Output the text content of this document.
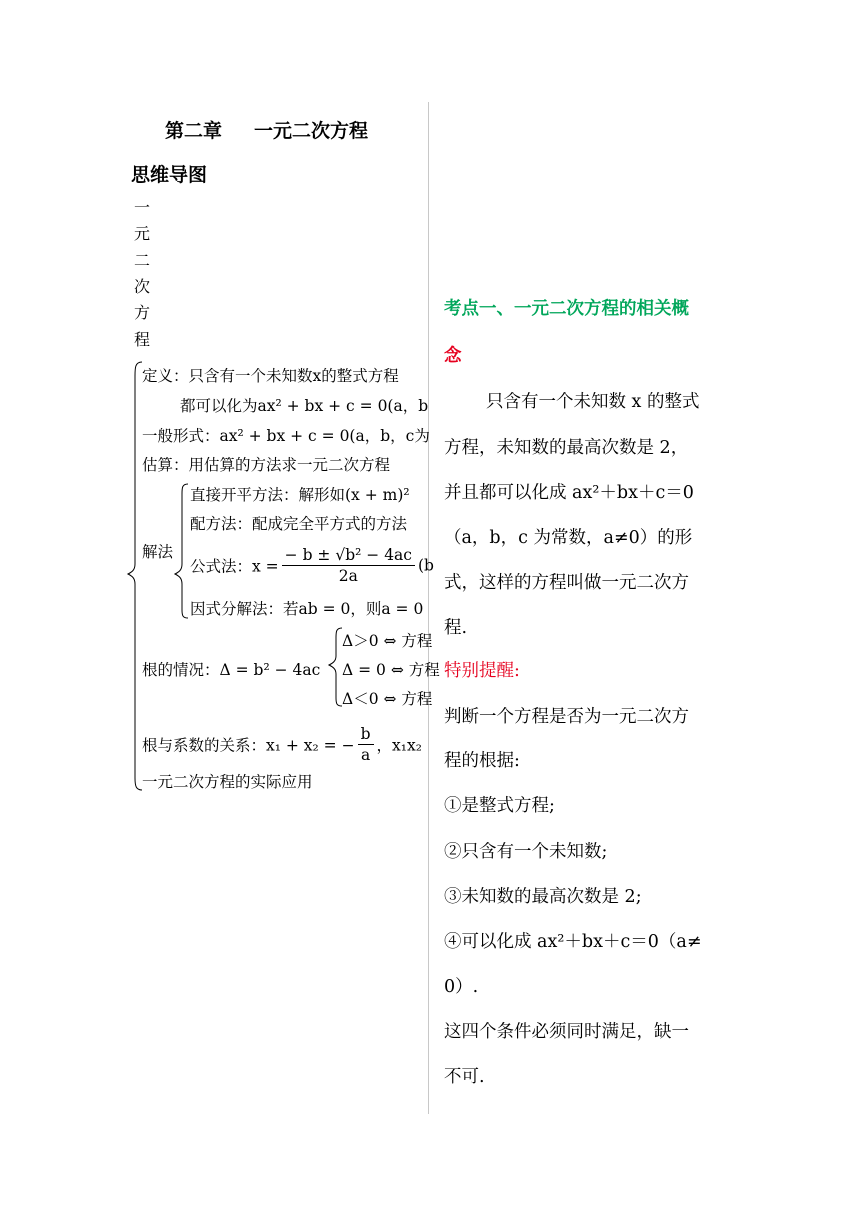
第二章 一元二次方程
思维导图
一
元
二
次
方
程
定义：只含有一个未知数x的整式方程
都可以化为ax² + bx + c = 0(a，b
一般形式：ax² + bx + c = 0(a，b，c为
估算：用估算的方法求一元二次方程
解法
直接开平方法：解形如(x + m)²
配方法：配成完全平方式的方法
公式法：$x = \frac{\text{− b ± √b² − 4ac}}{2a} (b$
因式分解法：若ab = 0，则a = 0
根的情况：Δ = b² − 4ac
Δ＞0 ⇔ 方程
Δ = 0 ⇔ 方程
Δ＜0 ⇔ 方程
根与系数的关系：x₁ + x₂ = − $\frac{b}{a}$ ，x₁x₂
一元二次方程的实际应用
考点一、一元二次方程的相关概
念
只含有一个未知数 x 的整式
方程，未知数的最高次数是 2，
并且都可以化成 ax²＋bx＋c＝0
（a，b，c 为常数，a≠0）的形
式，这样的方程叫做一元二次方
程.
特别提醒:
判断一个方程是否为一元二次方
程的根据:
①是整式方程;
②只含有一个未知数;
③未知数的最高次数是 2;
④可以化成 ax²＋bx＋c＝0（a≠
0）.
这四个条件必须同时满足，缺一
不可.
